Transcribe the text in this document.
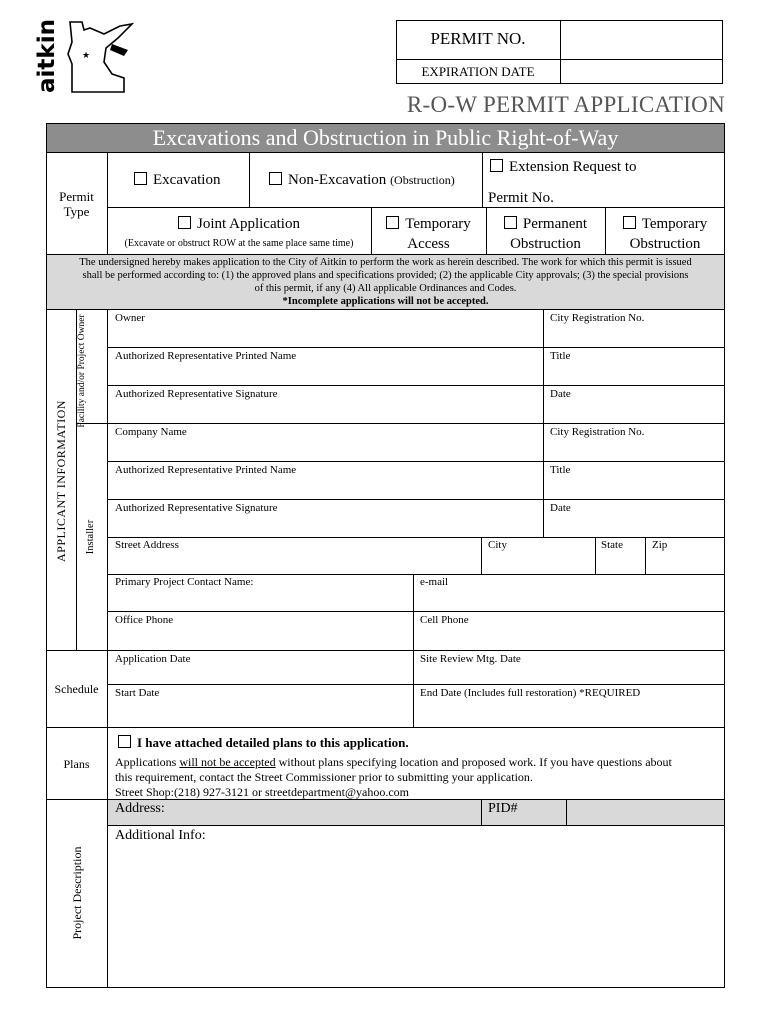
★
aitkin	PERMIT NO.
EXPIRATION DATE
R-O-W PERMIT APPLICATION
Excavations and Obstruction in Public Right-of-Way
Permit
Type
Excavation	Non-Excavation (Obstruction)
Extension Request to
Permit No.
Joint Application
(Excavate or obstruct ROW at the same place same time)
Temporary
Access
Permanent
Obstruction
Temporary
Obstruction
The undersigned hereby makes application to the City of Aitkin to perform the work as herein described. The work for which this permit is issued
shall be performed according to: (1) the approved plans and specifications provided; (2) the applicable City approvals; (3) the special provisions
of this permit, if any (4) All applicable Ordinances and Codes.
*Incomplete applications will not be accepted.
APPLICANT INFORMATION
Facility and/or Project Owner
Installer
Owner	City Registration No.
Authorized Representative Printed Name	Title
Authorized Representative Signature	Date
Company Name	City Registration No.
Authorized Representative Printed Name	Title
Authorized Representative Signature	Date
Street Address	City	State	Zip
Primary Project Contact Name:	e-mail
Office Phone	Cell Phone
Schedule
Application Date	Site Review Mtg. Date
Start Date	End Date (Includes full restoration) *REQUIRED
Plans
I have attached detailed plans to this application.
Applications will not be accepted without plans specifying location and proposed work. If you have questions about
this requirement, contact the Street Commissioner prior to submitting your application.
Street Shop:(218) 927-3121 or streetdepartment@yahoo.com
Address:	PID#
Additional Info:
Project Description
